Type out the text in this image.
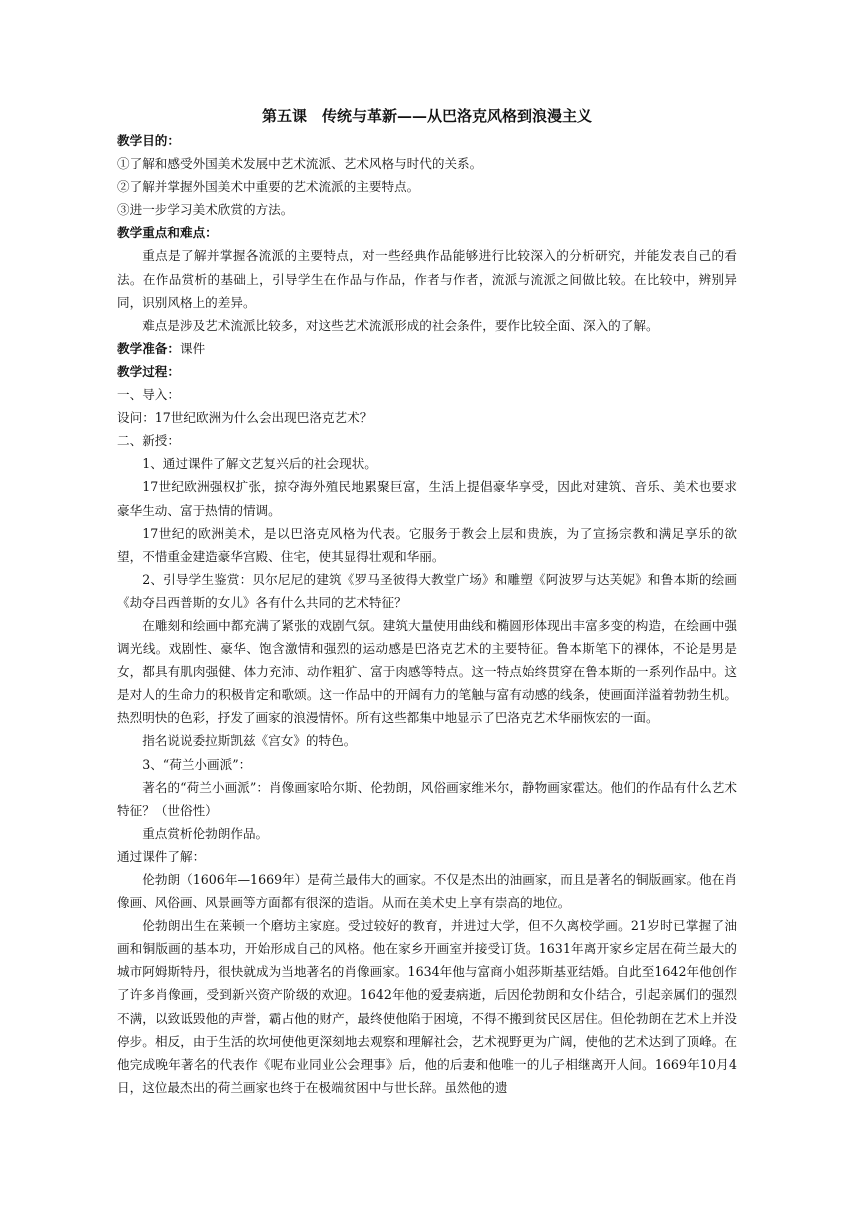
第五课　传统与革新——从巴洛克风格到浪漫主义

教学目的：

①了解和感受外国美术发展中艺术流派、艺术风格与时代的关系。

②了解并掌握外国美术中重要的艺术流派的主要特点。

③进一步学习美术欣赏的方法。

教学重点和难点：

重点是了解并掌握各流派的主要特点，对一些经典作品能够进行比较深入的分析研究，并能发表自己的看法。在作品赏析的基础上，引导学生在作品与作品，作者与作者，流派与流派之间做比较。在比较中，辨别异同，识别风格上的差异。

难点是涉及艺术流派比较多，对这些艺术流派形成的社会条件，要作比较全面、深入的了解。

教学准备：课件

教学过程：

一、导入：

设问：17世纪欧洲为什么会出现巴洛克艺术？

二、新授：

1、通过课件了解文艺复兴后的社会现状。

17世纪欧洲强权扩张，掠夺海外殖民地累聚巨富，生活上提倡豪华享受，因此对建筑、音乐、美术也要求豪华生动、富于热情的情调。

17世纪的欧洲美术，是以巴洛克风格为代表。它服务于教会上层和贵族，为了宣扬宗教和满足享乐的欲望，不惜重金建造豪华宫殿、住宅，使其显得壮观和华丽。

2、引导学生鉴赏：贝尔尼尼的建筑《罗马圣彼得大教堂广场》和雕塑《阿波罗与达芙妮》和鲁本斯的绘画《劫夺吕西普斯的女儿》各有什么共同的艺术特征？

在雕刻和绘画中都充满了紧张的戏剧气氛。建筑大量使用曲线和椭圆形体现出丰富多变的构造，在绘画中强调光线。戏剧性、豪华、饱含激情和强烈的运动感是巴洛克艺术的主要特征。鲁本斯笔下的裸体，不论是男是女，都具有肌肉强健、体力充沛、动作粗犷、富于肉感等特点。这一特点始终贯穿在鲁本斯的一系列作品中。这是对人的生命力的积极肯定和歌颂。这一作品中的开阔有力的笔触与富有动感的线条，使画面洋溢着勃勃生机。热烈明快的色彩，抒发了画家的浪漫情怀。所有这些都集中地显示了巴洛克艺术华丽恢宏的一面。

指名说说委拉斯凯兹《宫女》的特色。

3、“荷兰小画派”：

著名的“荷兰小画派”：肖像画家哈尔斯、伦勃朗，风俗画家维米尔，静物画家霍达。他们的作品有什么艺术特征？（世俗性）

重点赏析伦勃朗作品。

通过课件了解：

伦勃朗（1606年—1669年）是荷兰最伟大的画家。不仅是杰出的油画家，而且是著名的铜版画家。他在肖像画、风俗画、风景画等方面都有很深的造诣。从而在美术史上享有崇高的地位。

伦勃朗出生在莱顿一个磨坊主家庭。受过较好的教育，并进过大学，但不久离校学画。21岁时已掌握了油画和铜版画的基本功，开始形成自己的风格。他在家乡开画室并接受订货。1631年离开家乡定居在荷兰最大的城市阿姆斯特丹，很快就成为当地著名的肖像画家。1634年他与富商小姐莎斯基亚结婚。自此至1642年他创作了许多肖像画，受到新兴资产阶级的欢迎。1642年他的爱妻病逝，后因伦勃朗和女仆结合，引起亲属们的强烈不满，以致诋毁他的声誉，霸占他的财产，最终使他陷于困境，不得不搬到贫民区居住。但伦勃朗在艺术上并没停步。相反，由于生活的坎坷使他更深刻地去观察和理解社会，艺术视野更为广阔，使他的艺术达到了顶峰。在他完成晚年著名的代表作《呢布业同业公会理事》后，他的后妻和他唯一的儿子相继离开人间。1669年10月4日，这位最杰出的荷兰画家也终于在极端贫困中与世长辞。虽然他的遗
